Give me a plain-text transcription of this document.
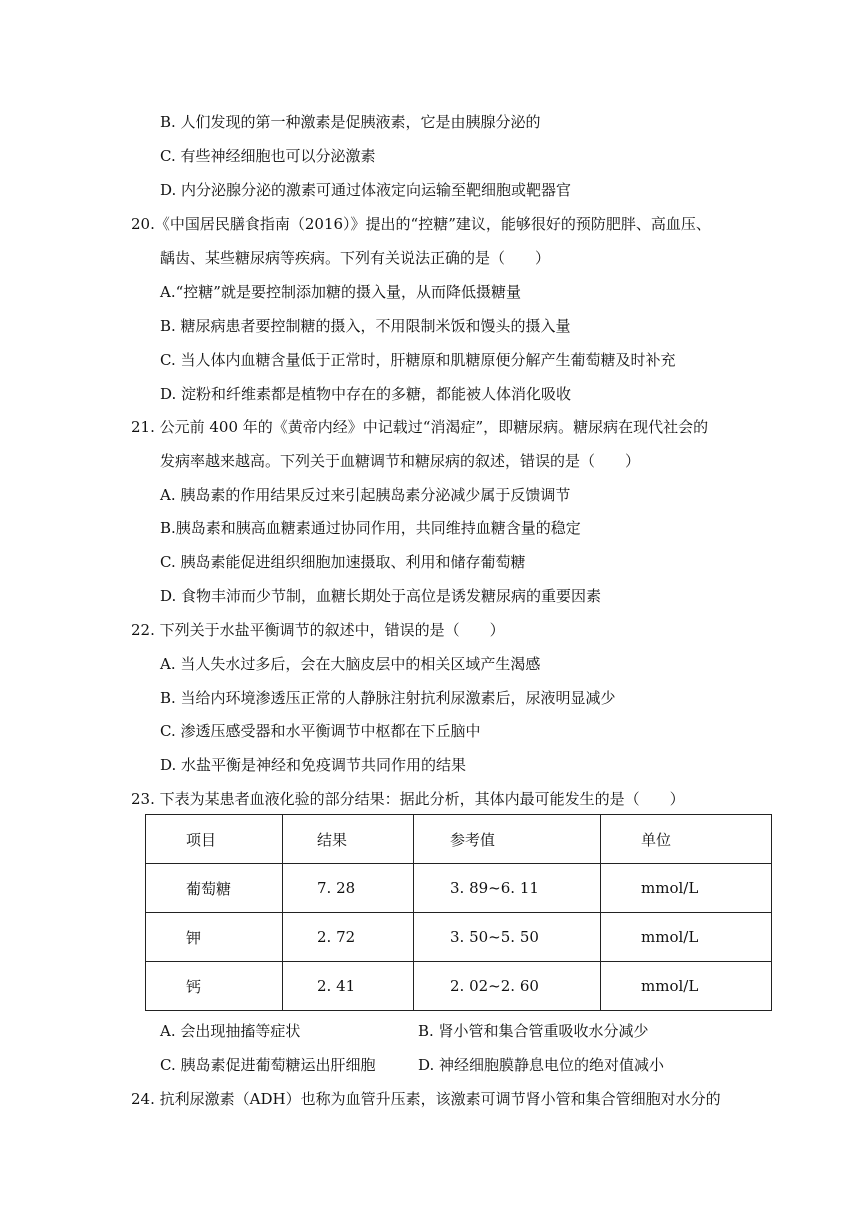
B. 人们发现的第一种激素是促胰液素，它是由胰腺分泌的
C. 有些神经细胞也可以分泌激素
D. 内分泌腺分泌的激素可通过体液定向运输至靶细胞或靶器官
20.《中国居民膳食指南（2016）》提出的“控糖”建议，能够很好的预防肥胖、高血压、
龋齿、某些糖尿病等疾病。下列有关说法正确的是（　　）
A.“控糖”就是要控制添加糖的摄入量，从而降低摄糖量
B. 糖尿病患者要控制糖的摄入，不用限制米饭和馒头的摄入量
C. 当人体内血糖含量低于正常时，肝糖原和肌糖原便分解产生葡萄糖及时补充
D. 淀粉和纤维素都是植物中存在的多糖，都能被人体消化吸收
21. 公元前 400 年的《黄帝内经》中记载过“消渴症”，即糖尿病。糖尿病在现代社会的
发病率越来越高。下列关于血糖调节和糖尿病的叙述，错误的是（　　）
A. 胰岛素的作用结果反过来引起胰岛素分泌减少属于反馈调节
B.胰岛素和胰高血糖素通过协同作用，共同维持血糖含量的稳定
C. 胰岛素能促进组织细胞加速摄取、利用和储存葡萄糖
D. 食物丰沛而少节制，血糖长期处于高位是诱发糖尿病的重要因素
22. 下列关于水盐平衡调节的叙述中，错误的是（　　）
A. 当人失水过多后，会在大脑皮层中的相关区域产生渴感
B. 当给内环境渗透压正常的人静脉注射抗利尿激素后，尿液明显减少
C. 渗透压感受器和水平衡调节中枢都在下丘脑中
D. 水盐平衡是神经和免疫调节共同作用的结果
23. 下表为某患者血液化验的部分结果：据此分析，其体内最可能发生的是（　　）
项目	结果	参考值	单位
葡萄糖	7. 28	3. 89~6. 11	mmol/L
钾	2. 72	3. 50~5. 50	mmol/L
钙	2. 41	2. 02~2. 60	mmol/L
A. 会出现抽搐等症状	B. 肾小管和集合管重吸收水分减少
C. 胰岛素促进葡萄糖运出肝细胞	D. 神经细胞膜静息电位的绝对值减小
24. 抗利尿激素（ADH）也称为血管升压素，该激素可调节肾小管和集合管细胞对水分的
